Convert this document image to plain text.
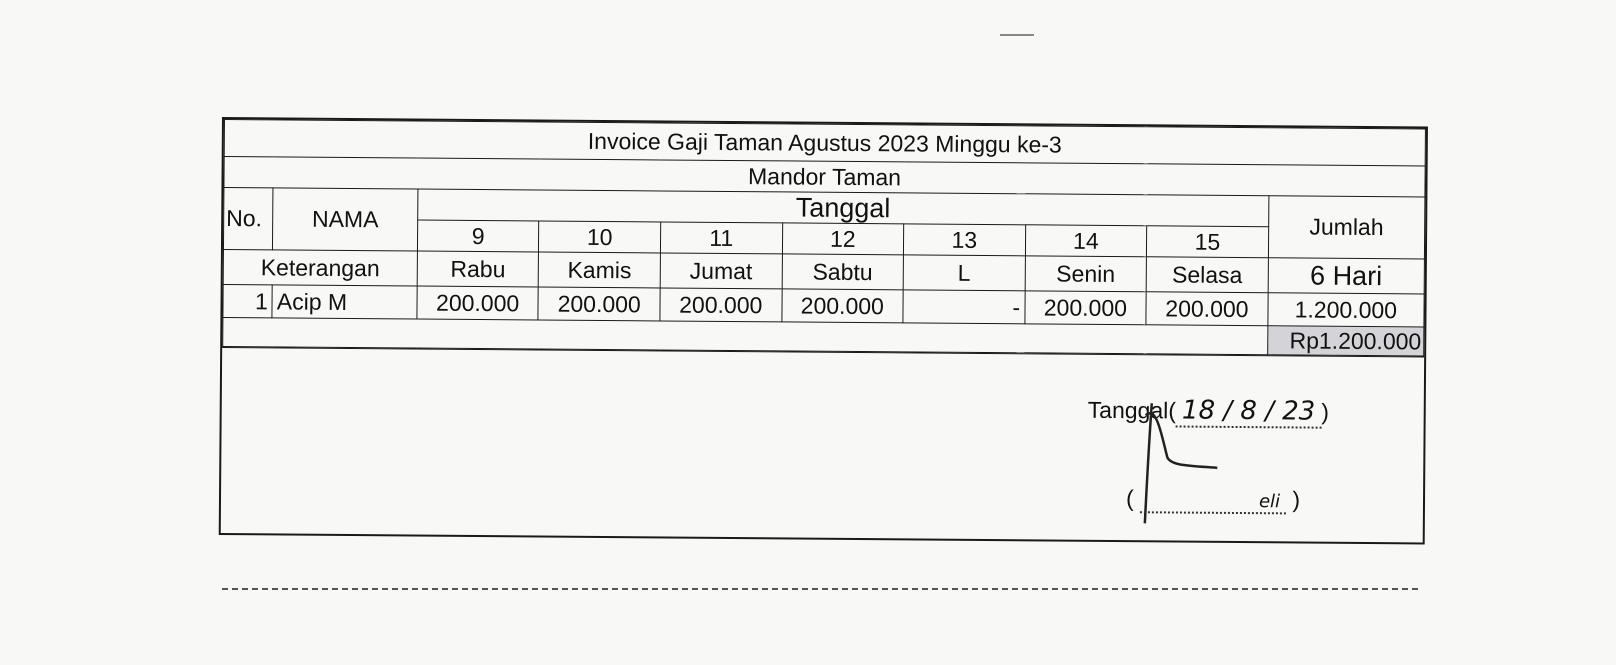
Invoice Gaji Taman Agustus 2023 Minggu ke-3									
Mandor Taman									
No.	NAMA	Tanggal							Jumlah
		9	10	11	12	13	14	15	
Keterangan		Rabu	Kamis	Jumat	Sabtu	L	Senin	Selasa	6 Hari
1	Acip M	200.000	200.000	200.000	200.000	-	200.000	200.000	1.200.000
									Rp1.200.000
Tanggal( 18 / 8 / 23 )
(	eli )
